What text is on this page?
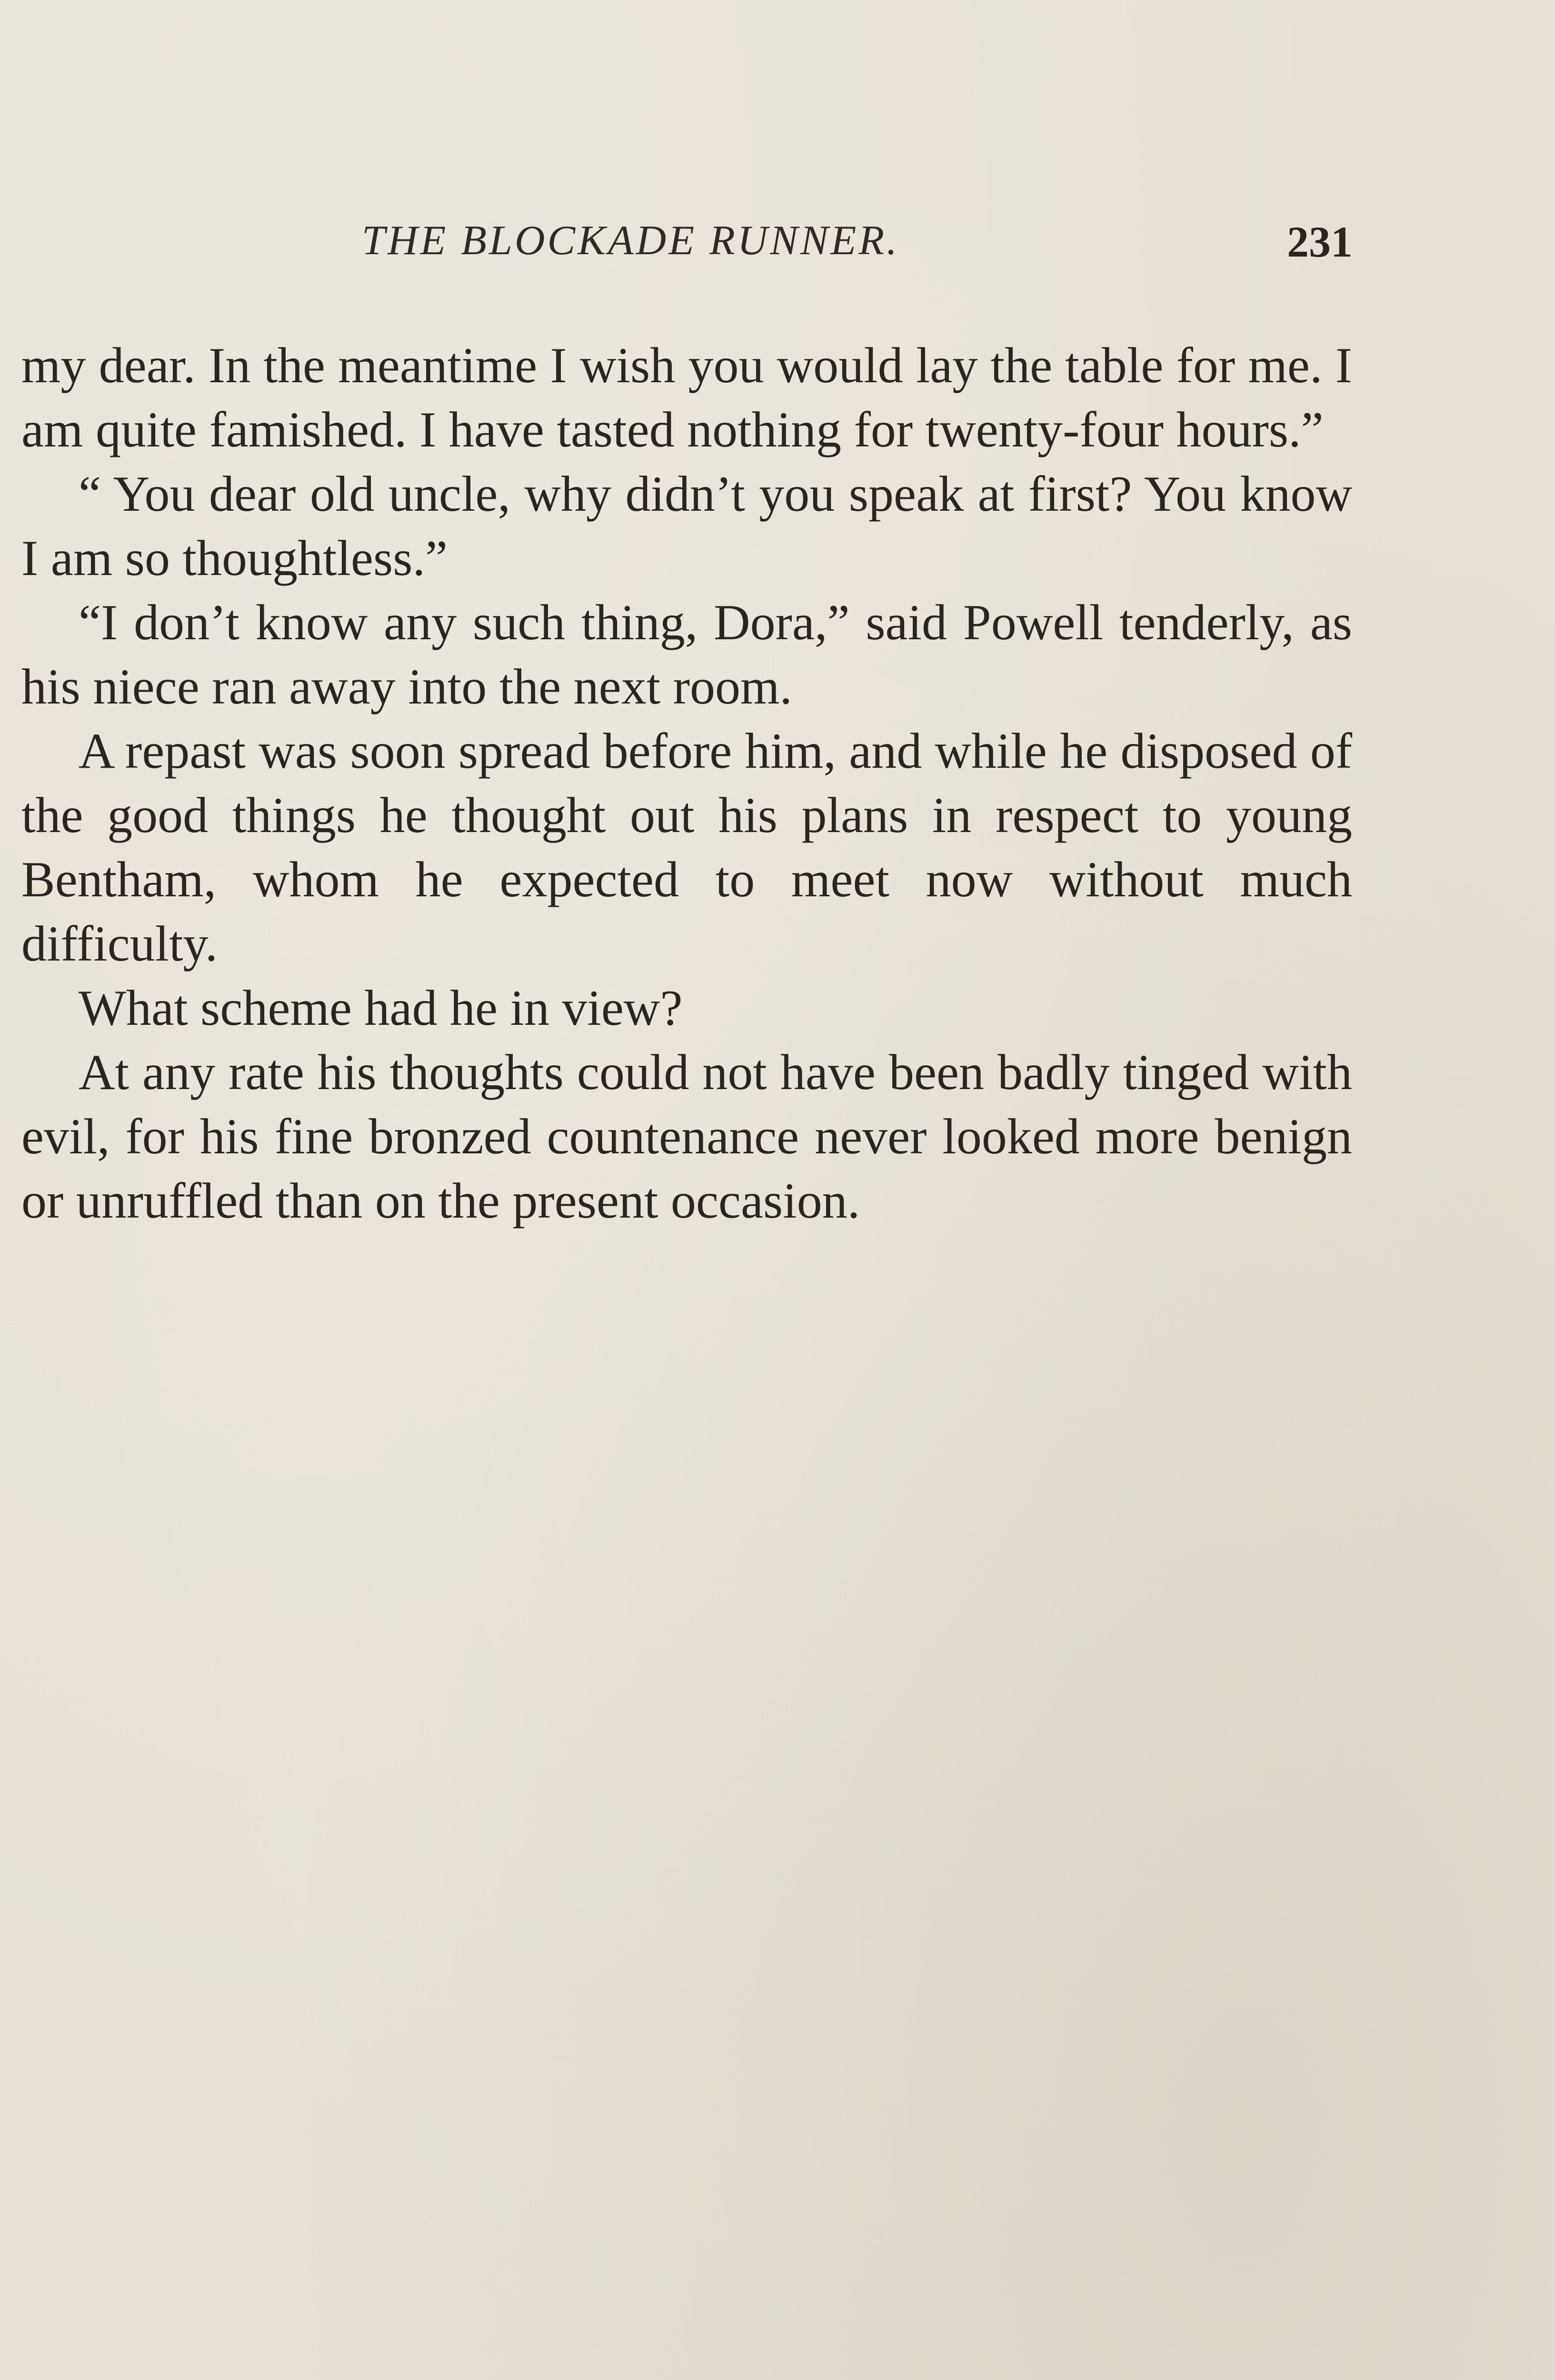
THE BLOCKADE RUNNER.	231

my dear. In the meantime I wish you would lay the table for me. I am quite famished. I have tasted nothing for twenty-four hours.”

“ You dear old uncle, why didn’t you speak at first? You know I am so thoughtless.”

“I don’t know any such thing, Dora,” said Powell tenderly, as his niece ran away into the next room.

A repast was soon spread before him, and while he disposed of the good things he thought out his plans in respect to young Bentham, whom he expected to meet now without much difficulty.

What scheme had he in view?

At any rate his thoughts could not have been badly tinged with evil, for his fine bronzed countenance never looked more benign or unruffled than on the present occasion.
